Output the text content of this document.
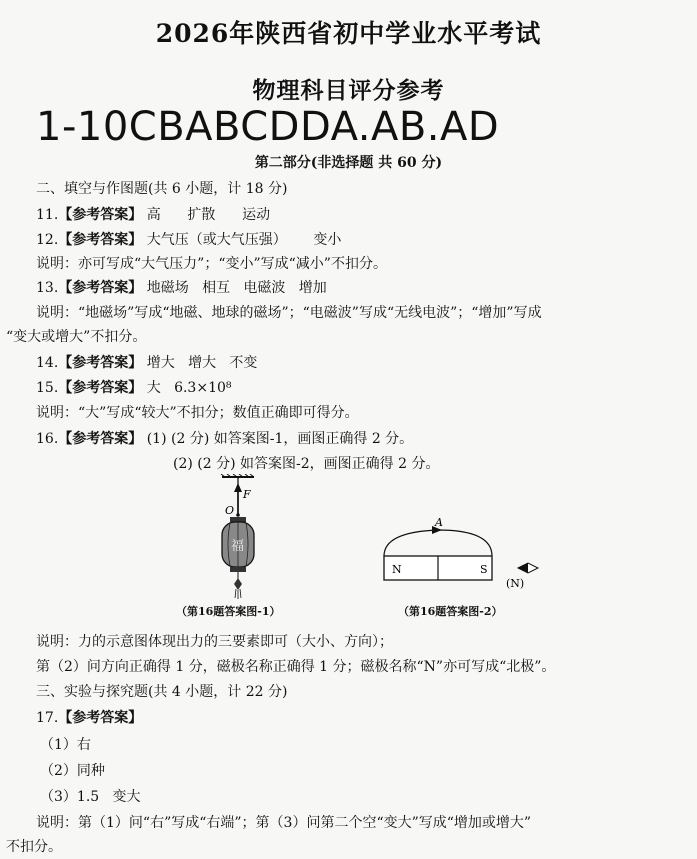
2026年陕西省初中学业水平考试
物理科目评分参考
1-10CBABCDDA.AB.AD
第二部分(非选择题 共 60 分)
二、填空与作图题(共 6 小题，计 18 分)
11.【参考答案】 高      扩散      运动
12.【参考答案】 大气压（或大气压强）      变小
说明：亦可写成“大气压力”；“变小”写成“减小”不扣分。
13.【参考答案】 地磁场   相互   电磁波   增加
说明：“地磁场”写成“地磁、地球的磁场”；“电磁波”写成“无线电波”；“增加”写成
“变大或增大”不扣分。
14.【参考答案】 增大   增大   不变
15.【参考答案】 大   6.3×10⁸
说明：“大”写成“较大”不扣分；数值正确即可得分。
16.【参考答案】 (1) (2 分) 如答案图-1，画图正确得 2 分。
(2) (2 分) 如答案图-2，画图正确得 2 分。
F
O
福
（第16题答案图-1）
A
N	S
(N)
（第16题答案图-2）
说明：力的示意图体现出力的三要素即可（大小、方向）；
第（2）问方向正确得 1 分，磁极名称正确得 1 分；磁极名称“N”亦可写成“北极”。
三、实验与探究题(共 4 小题，计 22 分)
17.【参考答案】
（1）右
（2）同种
（3）1.5   变大
说明：第（1）问“右”写成“右端”；第（3）问第二个空“变大”写成“增加或增大”
不扣分。
